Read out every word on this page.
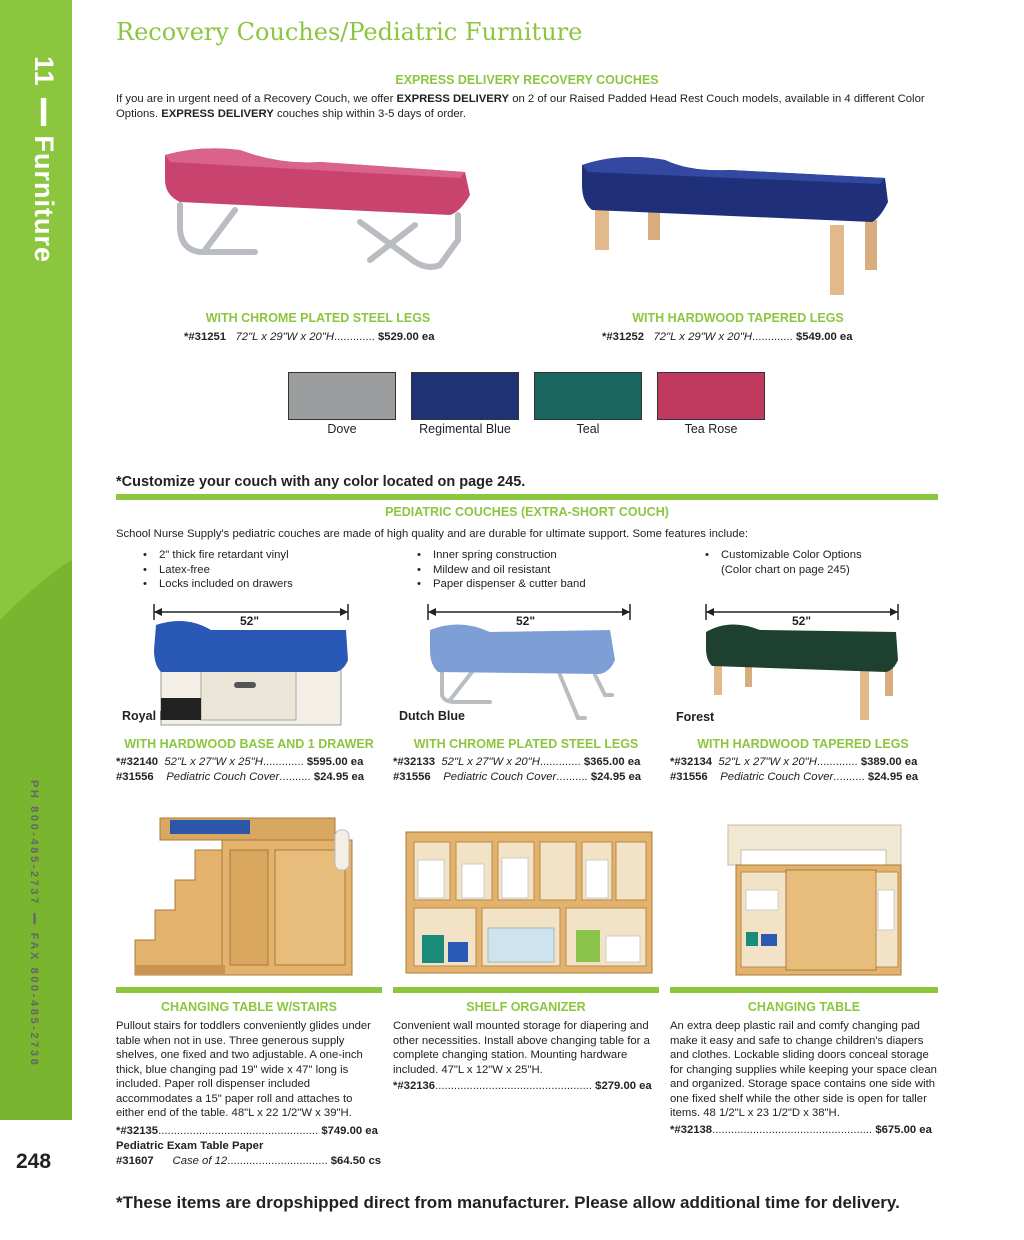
11 ❙ Furniture
PH 800-485-2737 ❙ FAX 800-485-2738
248
Recovery Couches/Pediatric Furniture
EXPRESS DELIVERY RECOVERY COUCHES
If you are in urgent need of a Recovery Couch, we offer EXPRESS DELIVERY on 2 of our Raised Padded Head Rest Couch models, available in 4 different Color Options. EXPRESS DELIVERY couches ship within 3-5 days of order.
WITH CHROME PLATED STEEL LEGS
*#31251 72"L x 29"W x 20"H............. $529.00 ea
WITH HARDWOOD TAPERED LEGS
*#31252 72"L x 29"W x 20"H............. $549.00 ea
Dove	Regimental Blue	Teal	Tea Rose
*Customize your couch with any color located on page 245.
PEDIATRIC COUCHES (EXTRA-SHORT COUCH)
School Nurse Supply's pediatric couches are made of high quality and are durable for ultimate support. Some features include:
• 2" thick fire retardant vinyl
• Latex-free
• Locks included on drawers
• Inner spring construction
• Mildew and oil resistant
• Paper dispenser & cutter band
• Customizable Color Options
(Color chart on page 245)
52"	52"	52"
Royal Blue	Dutch Blue	Forest
WITH HARDWOOD BASE AND 1 DRAWER
*#32140 52"L x 27"W x 25"H............. $595.00 ea
#31556 Pediatric Couch Cover.......... $24.95 ea
WITH CHROME PLATED STEEL LEGS
*#32133 52"L x 27"W x 20"H............. $365.00 ea
#31556 Pediatric Couch Cover.......... $24.95 ea
WITH HARDWOOD TAPERED LEGS
*#32134 52"L x 27"W x 20"H............. $389.00 ea
#31556 Pediatric Couch Cover.......... $24.95 ea
CHANGING TABLE W/STAIRS
Pullout stairs for toddlers conveniently glides under table when not in use. Three generous supply shelves, one fixed and two adjustable. A one-inch thick, blue changing pad 19" wide x 47" long is included. Paper roll dispenser included accommodates a 15" paper roll and attaches to either end of the table. 48"L x 22 1/2"W x 39"H.
*#32135................................................... $749.00 ea
Pediatric Exam Table Paper
#31607 Case of 12................................ $64.50 cs
SHELF ORGANIZER
Convenient wall mounted storage for diapering and other necessities. Install above changing table for a complete changing station. Mounting hardware included. 47"L x 12"W x 25"H.
*#32136.................................................. $279.00 ea
CHANGING TABLE
An extra deep plastic rail and comfy changing pad make it easy and safe to change children's diapers and clothes. Lockable sliding doors conceal storage for changing supplies while keeping your space clean and organized. Storage space contains one side with one fixed shelf while the other side is open for taller items. 48 1/2"L x 23 1/2"D x 38"H.
*#32138................................................... $675.00 ea
*These items are dropshipped direct from manufacturer. Please allow additional time for delivery.
